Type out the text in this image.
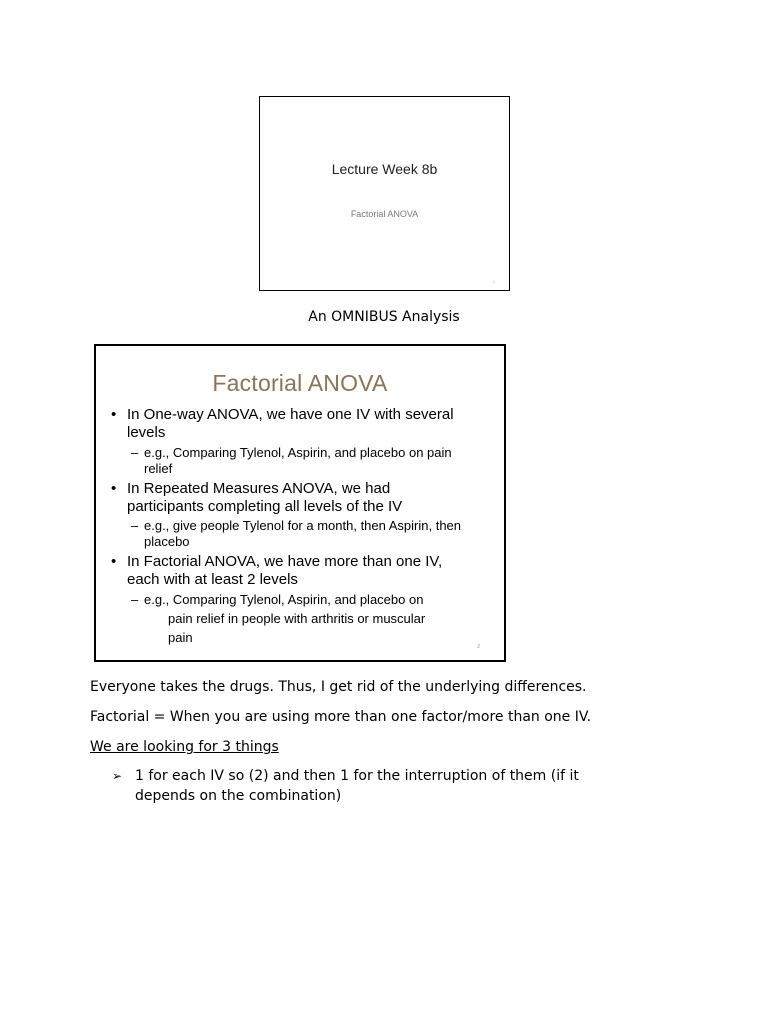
Lecture Week 8b
Factorial ANOVA
1
An OMNIBUS Analysis
Factorial ANOVA
• In One-way ANOVA, we have one IV with several
levels
– e.g., Comparing Tylenol, Aspirin, and placebo on pain
relief
• In Repeated Measures ANOVA, we had
participants completing all levels of the IV
– e.g., give people Tylenol for a month, then Aspirin, then
placebo
• In Factorial ANOVA, we have more than one IV,
each with at least 2 levels
– e.g., Comparing Tylenol, Aspirin, and placebo on
pain relief in people with arthritis or muscular
pain
2
Everyone takes the drugs. Thus, I get rid of the underlying differences.
Factorial = When you are using more than one factor/more than one IV.
We are looking for 3 things
➢ 1 for each IV so (2) and then 1 for the interruption of them (if it
depends on the combination)
